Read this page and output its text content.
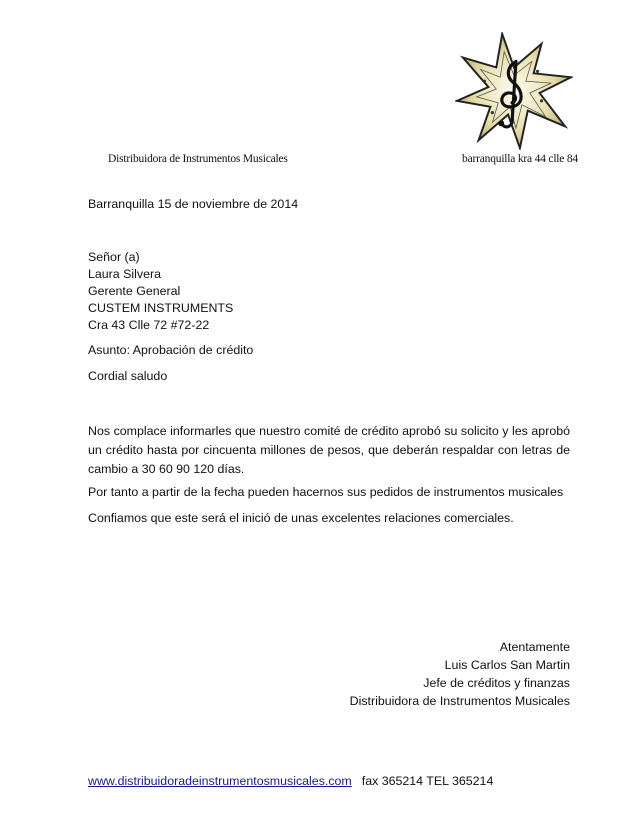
Distribuidora de Instrumentos Musicales	barranquilla kra 44 clle 84
Barranquilla 15 de noviembre de 2014
Señor (a)
Laura Silvera
Gerente General
CUSTEM INSTRUMENTS
Cra 43 Clle 72 #72-22
Asunto: Aprobación de crédito
Cordial saludo
Nos complace informarles que nuestro comité de crédito aprobó su solicito y les aprobó un crédito hasta por cincuenta millones de pesos, que deberán respaldar con letras de cambio a 30 60 90 120 días.
Por tanto a partir de la fecha pueden hacernos sus pedidos de instrumentos musicales
Confiamos que este será el inició de unas excelentes relaciones comerciales.
Atentamente
Luis Carlos San Martin
Jefe de créditos y finanzas
Distribuidora de Instrumentos Musicales
www.distribuidoradeinstrumentosmusicales.com fax 365214 TEL 365214
